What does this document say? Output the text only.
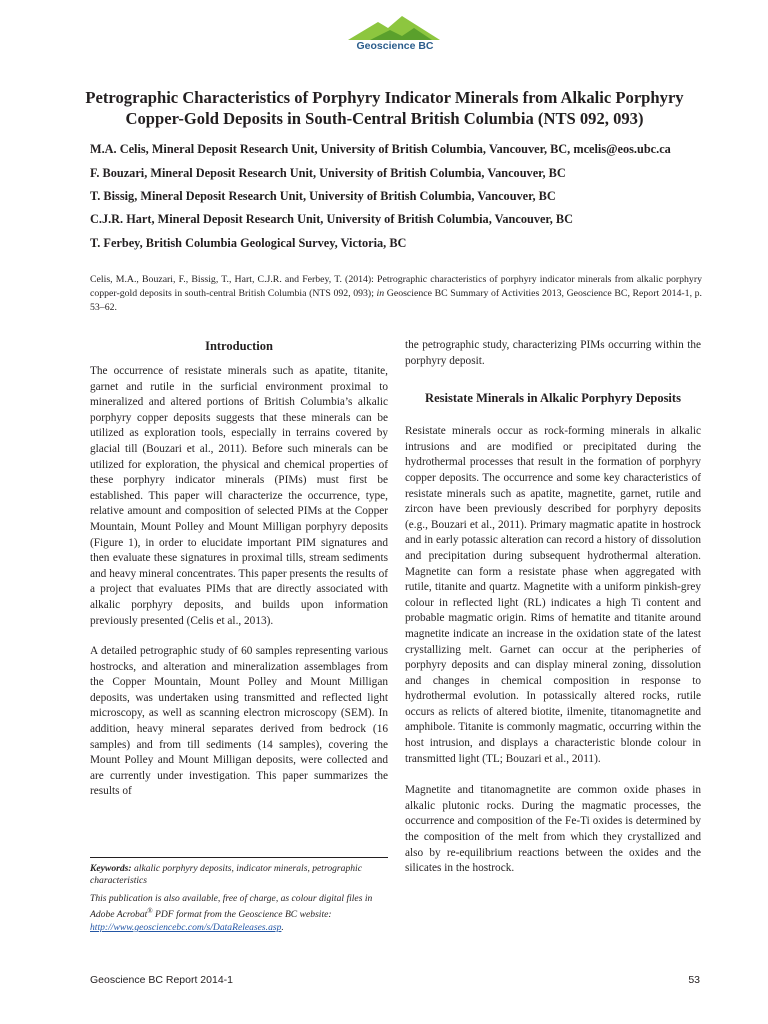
Geoscience BC
Petrographic Characteristics of Porphyry Indicator Minerals from Alkalic Porphyry Copper-Gold Deposits in South-Central British Columbia (NTS 092, 093)

M.A. Celis, Mineral Deposit Research Unit, University of British Columbia, Vancouver, BC, mcelis@eos.ubc.ca

F. Bouzari, Mineral Deposit Research Unit, University of British Columbia, Vancouver, BC

T. Bissig, Mineral Deposit Research Unit, University of British Columbia, Vancouver, BC

C.J.R. Hart, Mineral Deposit Research Unit, University of British Columbia, Vancouver, BC

T. Ferbey, British Columbia Geological Survey, Victoria, BC

Celis, M.A., Bouzari, F., Bissig, T., Hart, C.J.R. and Ferbey, T. (2014): Petrographic characteristics of porphyry indicator minerals from alkalic porphyry copper-gold deposits in south-central British Columbia (NTS 092, 093); in Geoscience BC Summary of Activities 2013, Geoscience BC, Report 2014-1, p. 53–62.

Introduction

The occurrence of resistate minerals such as apatite, titanite, garnet and rutile in the surficial environment proximal to mineralized and altered portions of British Columbia’s alkalic porphyry copper deposits suggests that these minerals can be utilized as exploration tools, especially in terrains covered by glacial till (Bouzari et al., 2011). Before such minerals can be utilized for exploration, the physical and chemical properties of these porphyry indicator minerals (PIMs) must first be established. This paper will characterize the occurrence, type, relative amount and composition of selected PIMs at the Copper Mountain, Mount Polley and Mount Milligan porphyry deposits (Figure 1), in order to elucidate important PIM signatures and then evaluate these signatures in proximal tills, stream sediments and heavy mineral concentrates. This paper presents the results of a project that evaluates PIMs that are directly associated with alkalic porphyry deposits, and builds upon information previously presented (Celis et al., 2013).

A detailed petrographic study of 60 samples representing various hostrocks, and alteration and mineralization assemblages from the Copper Mountain, Mount Polley and Mount Milligan deposits, was undertaken using transmitted and reflected light microscopy, as well as scanning electron microscopy (SEM). In addition, heavy mineral separates derived from bedrock (16 samples) and from till sediments (14 samples), covering the Mount Polley and Mount Milligan deposits, were collected and are currently under investigation. This paper summarizes the results of

Keywords: alkalic porphyry deposits, indicator minerals, petrographic characteristics

This publication is also available, free of charge, as colour digital files in Adobe Acrobat® PDF format from the Geoscience BC website: http://www.geosciencebc.com/s/DataReleases.asp.

the petrographic study, characterizing PIMs occurring within the porphyry deposit.

Resistate Minerals in Alkalic Porphyry Deposits

Resistate minerals occur as rock-forming minerals in alkalic intrusions and are modified or precipitated during the hydrothermal processes that result in the formation of porphyry copper deposits. The occurrence and some key characteristics of resistate minerals such as apatite, magnetite, garnet, rutile and zircon have been previously described for porphyry deposits (e.g., Bouzari et al., 2011). Primary magmatic apatite in hostrock and in early potassic alteration can record a history of dissolution and precipitation during subsequent hydrothermal alteration. Magnetite can form a resistate phase when aggregated with rutile, titanite and quartz. Magnetite with a uniform pinkish-grey colour in reflected light (RL) indicates a high Ti content and probable magmatic origin. Rims of hematite and titanite around magnetite indicate an increase in the oxidation state of the latest crystallizing melt. Garnet can occur at the peripheries of porphyry deposits and can display mineral zoning, dissolution and changes in chemical composition in response to hydrothermal evolution. In potassically altered rocks, rutile occurs as relicts of altered biotite, ilmenite, titanomagnetite and amphibole. Titanite is commonly magmatic, occurring within the host intrusion, and displays a characteristic blonde colour in transmitted light (TL; Bouzari et al., 2011).

Magnetite and titanomagnetite are common oxide phases in alkalic plutonic rocks. During the magmatic processes, the occurrence and composition of the Fe-Ti oxides is determined by the composition of the melt from which they crystallized and also by re-equilibrium reactions between the oxides and the silicates in the hostrock.

Geoscience BC Report 2014-1	53
